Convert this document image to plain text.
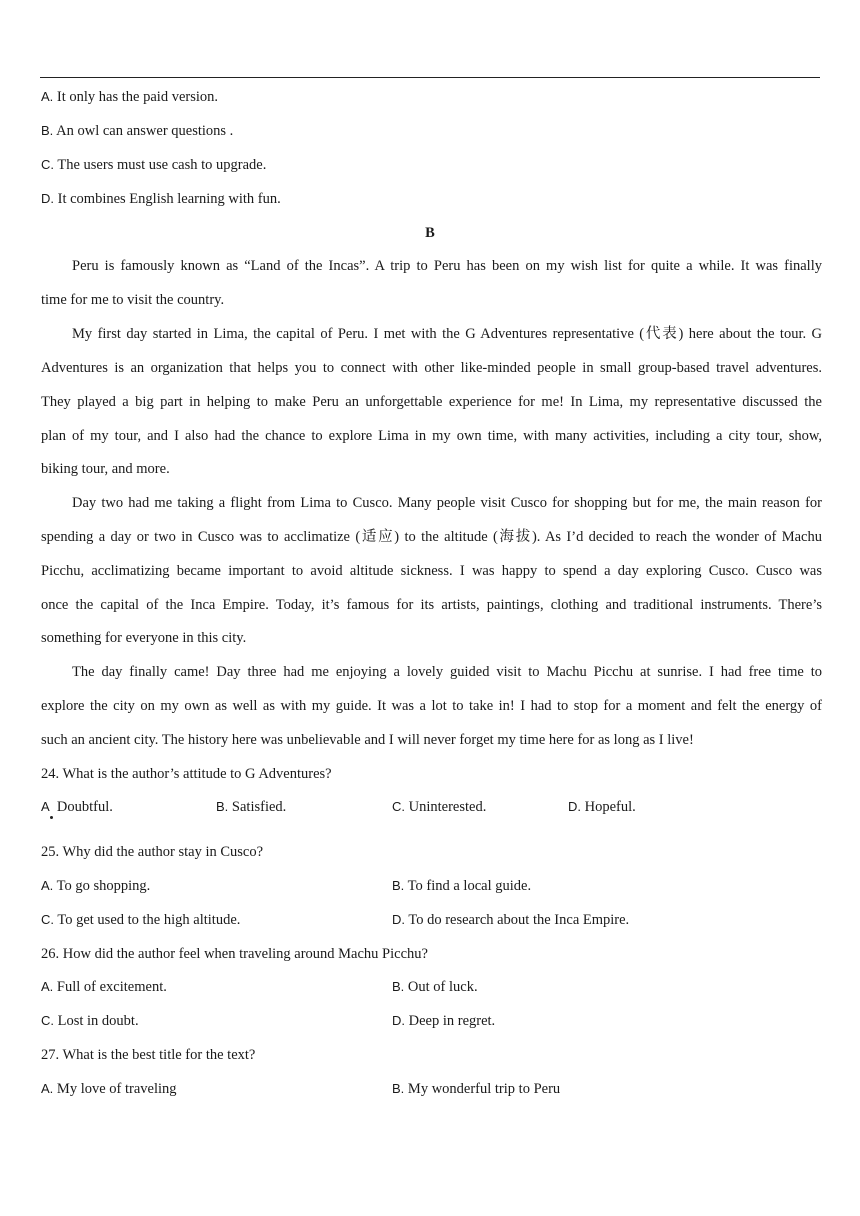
A. It only has the paid version.
B. An owl can answer questions .
C. The users must use cash to upgrade.
D. It combines English learning with fun.
B
Peru is famously known as “Land of the Incas”. A trip to Peru has been on my wish list for quite a while. It was finally
time for me to visit the country.
My first day started in Lima, the capital of Peru. I met with the G Adventures representative (代表) here about the tour. G
Adventures is an organization that helps you to connect with other like-minded people in small group-based travel adventures.
They played a big part in helping to make Peru an unforgettable experience for me! In Lima, my representative discussed the
plan of my tour, and I also had the chance to explore Lima in my own time, with many activities, including a city tour, show,
biking tour, and more.
Day two had me taking a flight from Lima to Cusco. Many people visit Cusco for shopping but for me, the main reason for
spending a day or two in Cusco was to acclimatize (适应) to the altitude (海拔). As I’d decided to reach the wonder of Machu
Picchu, acclimatizing became important to avoid altitude sickness. I was happy to spend a day exploring Cusco. Cusco was
once the capital of the Inca Empire. Today, it’s famous for its artists, paintings, clothing and traditional instruments. There’s
something for everyone in this city.
The day finally came! Day three had me enjoying a lovely guided visit to Machu Picchu at sunrise. I had free time to
explore the city on my own as well as with my guide. It was a lot to take in! I had to stop for a moment and felt the energy of
such an ancient city. The history here was unbelievable and I will never forget my time here for as long as I live!
24. What is the author’s attitude to G Adventures?
A Doubtful.	B. Satisfied.	C. Uninterested.	D. Hopeful.
25. Why did the author stay in Cusco?
A. To go shopping.	B. To find a local guide.
C. To get used to the high altitude.	D. To do research about the Inca Empire.
26. How did the author feel when traveling around Machu Picchu?
A. Full of excitement.	B. Out of luck.
C. Lost in doubt.	D. Deep in regret.
27. What is the best title for the text?
A. My love of traveling	B. My wonderful trip to Peru
